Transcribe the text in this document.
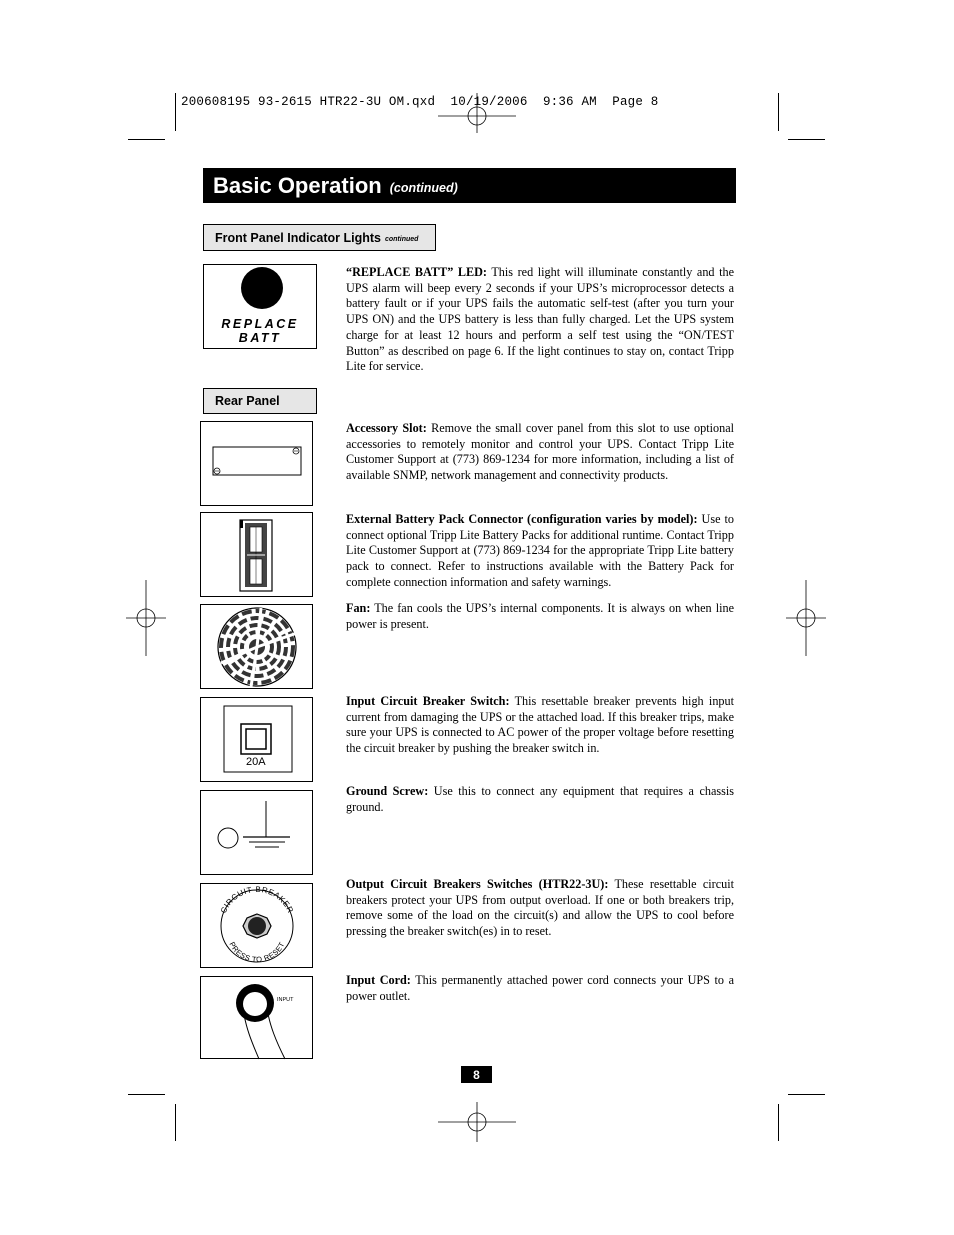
200608195 93-2615 HTR22-3U OM.qxd  10/19/2006  9:36 AM  Page 8
Basic Operation (continued)
Front Panel Indicator Lights continued
REPLACE
BATT
Rear Panel
20A
CIRCUIT BREAKER
PRESS TO RESET
INPUT
“REPLACE BATT” LED: This red light will illuminate constantly and the UPS alarm will beep every 2 seconds if your UPS’s microprocessor detects a battery fault or if your UPS fails the automatic self-test (after you turn your UPS ON) and the UPS battery is less than fully charged. Let the UPS system charge for at least 12 hours and perform a self test using the “ON/TEST Button” as described on page 6. If the light continues to stay on, contact Tripp Lite for service.
Accessory Slot: Remove the small cover panel from this slot to use optional accessories to remotely monitor and control your UPS. Contact Tripp Lite Customer Support at (773) 869-1234 for more information, including a list of available SNMP, network management and connectivity products.
External Battery Pack Connector (configuration varies by model): Use to connect optional Tripp Lite Battery Packs for additional runtime. Contact Tripp Lite Customer Support at (773) 869-1234 for the appropriate Tripp Lite battery pack to connect. Refer to instructions available with the Battery Pack for complete connection information and safety warnings.
Fan: The fan cools the UPS’s internal components. It is always on when line power is present.
Input Circuit Breaker Switch: This resettable breaker prevents high input current from damaging the UPS or the attached load. If this breaker trips, make sure your UPS is connected to AC power of the proper voltage before resetting the circuit breaker by pushing the breaker switch in.
Ground Screw: Use this to connect any equipment that requires a chassis ground.
Output Circuit Breakers Switches (HTR22-3U): These resettable circuit breakers protect your UPS from output overload. If one or both breakers trip, remove some of the load on the circuit(s) and allow the UPS to cool before pressing the breaker switch(es) in to reset.
Input Cord: This permanently attached power cord connects your UPS to a power outlet.
8
